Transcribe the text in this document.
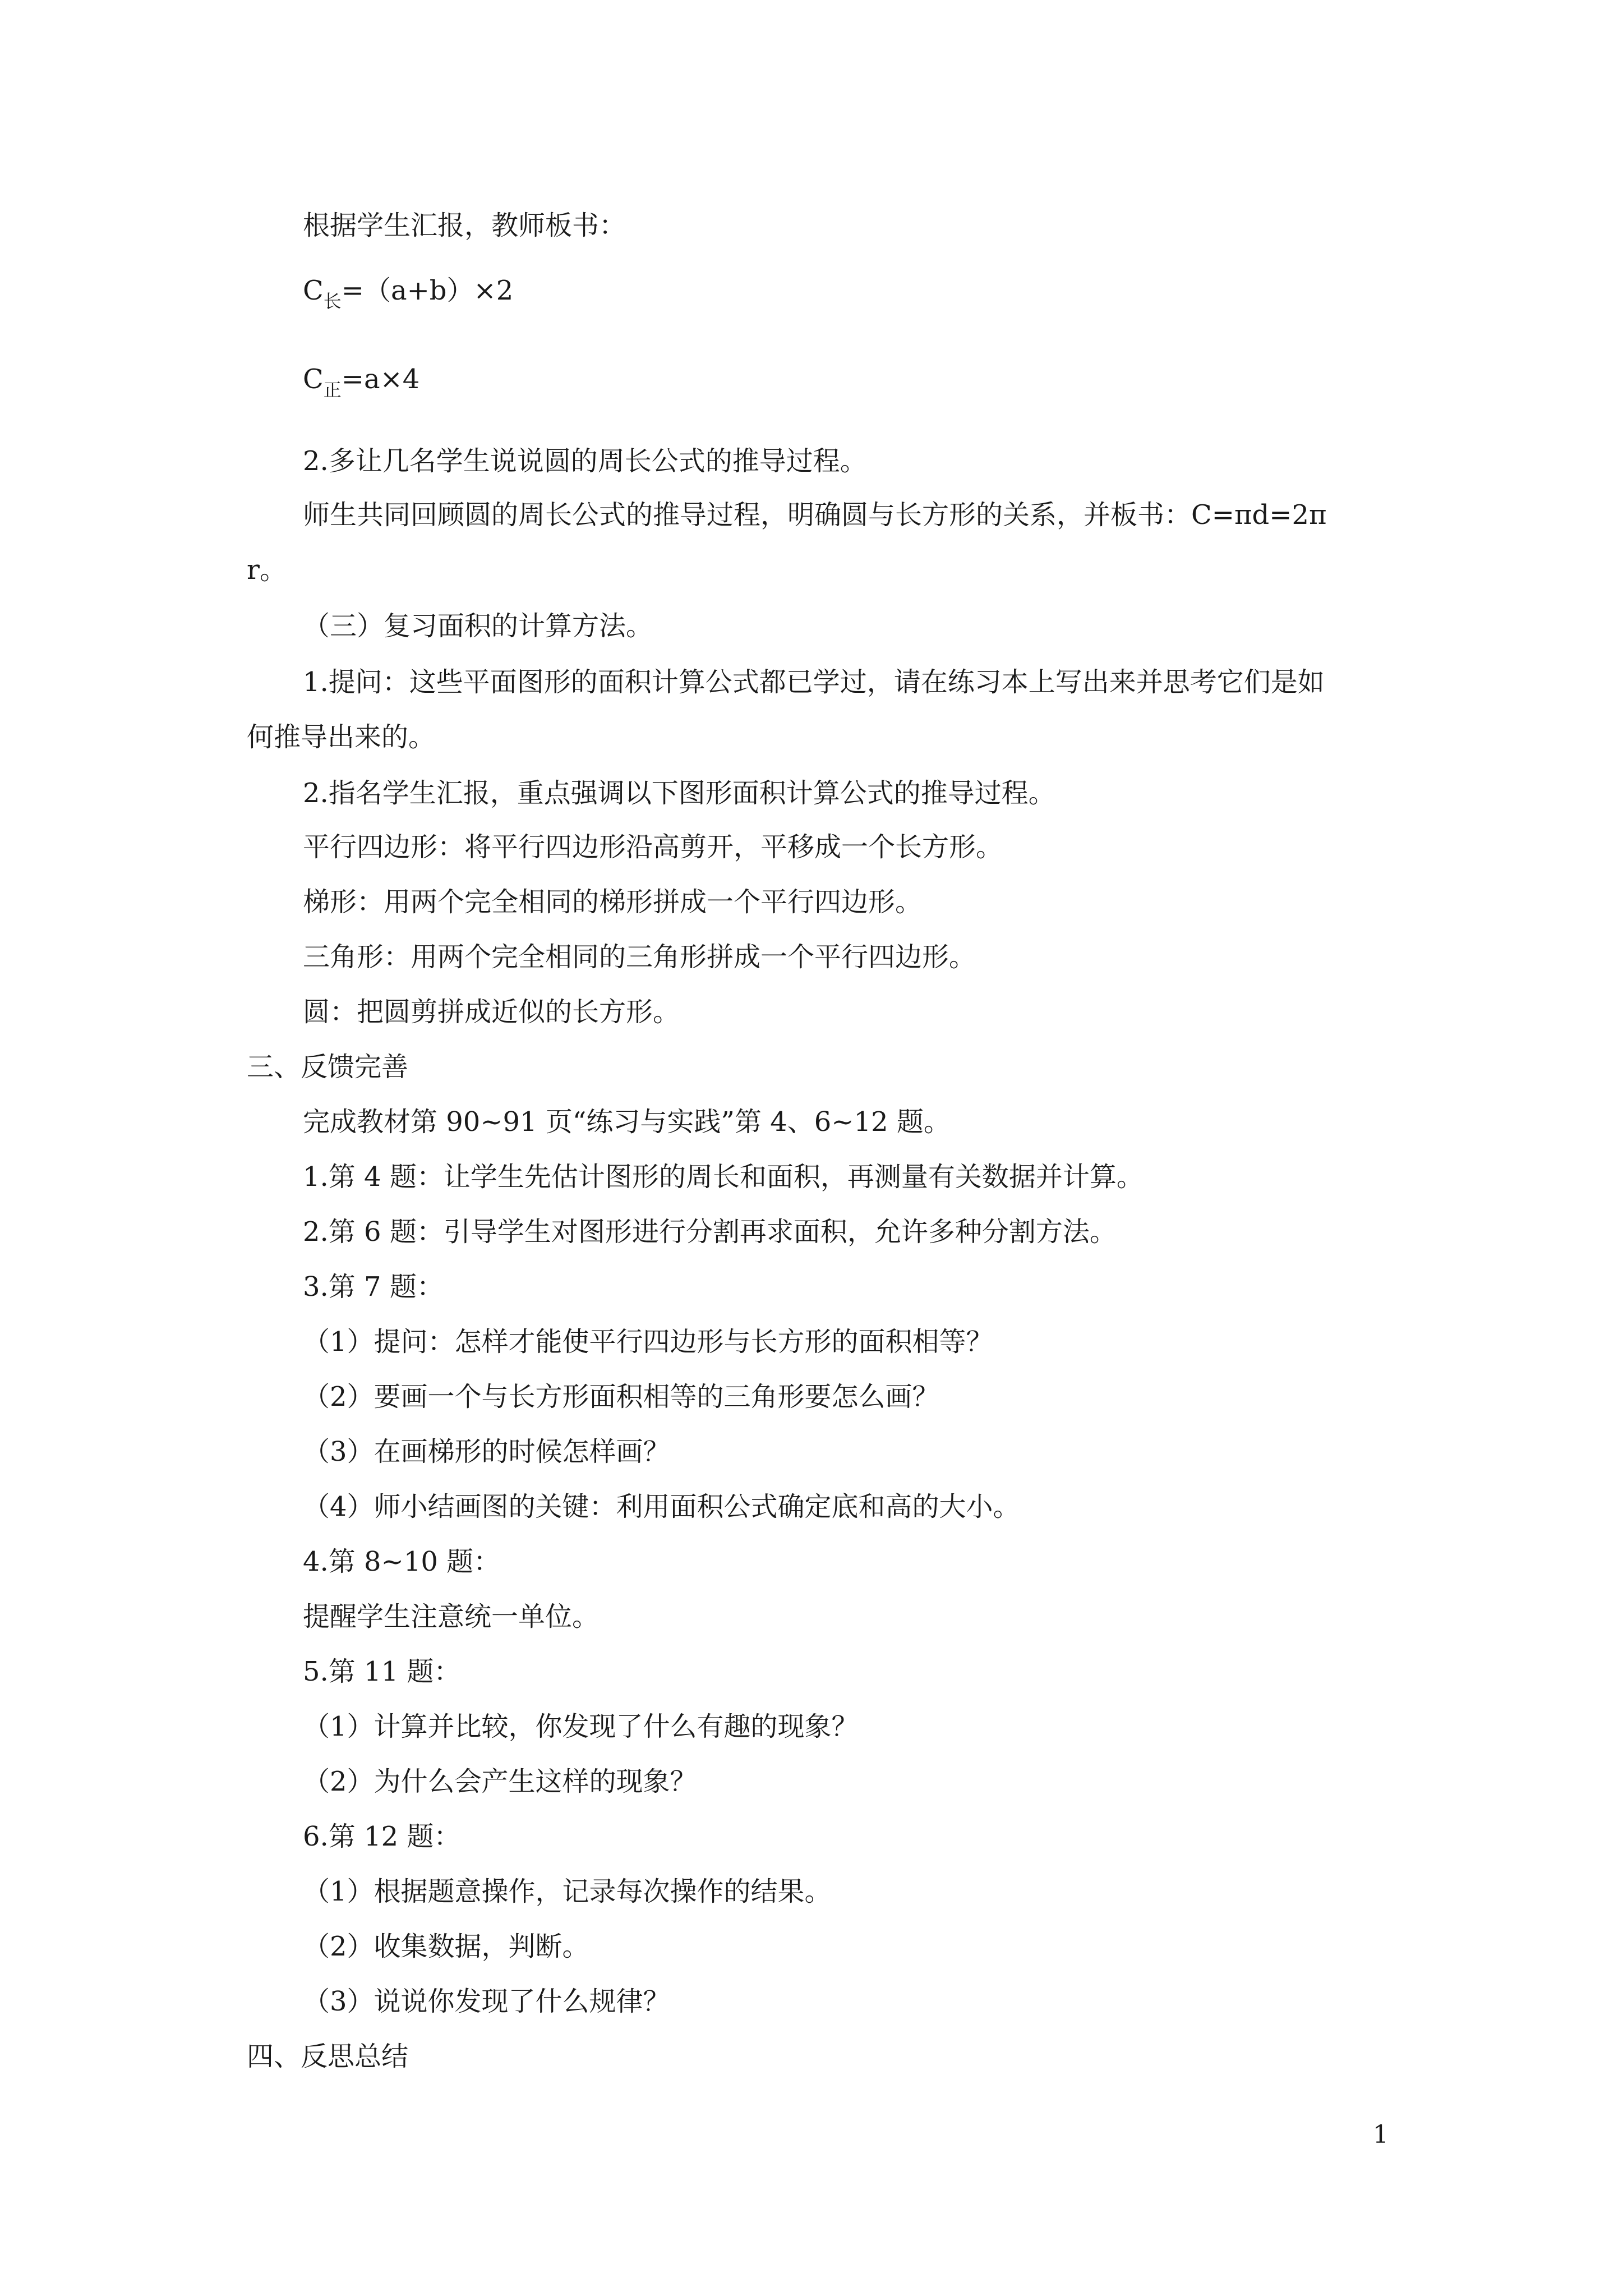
根据学生汇报，教师板书：
$C_长=(a+b)\times 2$
$C_正=a\times 4$
2.多让几名学生说说圆的周长公式的推导过程。
师生共同回顾圆的周长公式的推导过程，明确圆与长方形的关系，并板书：C=πd=2π
r。
（三）复习面积的计算方法。
1.提问：这些平面图形的面积计算公式都已学过，请在练习本上写出来并思考它们是如
何推导出来的。
2.指名学生汇报，重点强调以下图形面积计算公式的推导过程。
平行四边形：将平行四边形沿高剪开，平移成一个长方形。
梯形：用两个完全相同的梯形拼成一个平行四边形。
三角形：用两个完全相同的三角形拼成一个平行四边形。
圆：把圆剪拼成近似的长方形。
三、反馈完善
完成教材第 90~91 页“练习与实践”第 4、6~12 题。
1.第 4 题：让学生先估计图形的周长和面积，再测量有关数据并计算。
2.第 6 题：引导学生对图形进行分割再求面积，允许多种分割方法。
3.第 7 题：
（1）提问：怎样才能使平行四边形与长方形的面积相等？
（2）要画一个与长方形面积相等的三角形要怎么画？
（3）在画梯形的时候怎样画？
（4）师小结画图的关键：利用面积公式确定底和高的大小。
4.第 8~10 题：
提醒学生注意统一单位。
5.第 11 题：
（1）计算并比较，你发现了什么有趣的现象？
（2）为什么会产生这样的现象？
6.第 12 题：
（1）根据题意操作，记录每次操作的结果。
（2）收集数据，判断。
（3）说说你发现了什么规律？
四、反思总结
1
